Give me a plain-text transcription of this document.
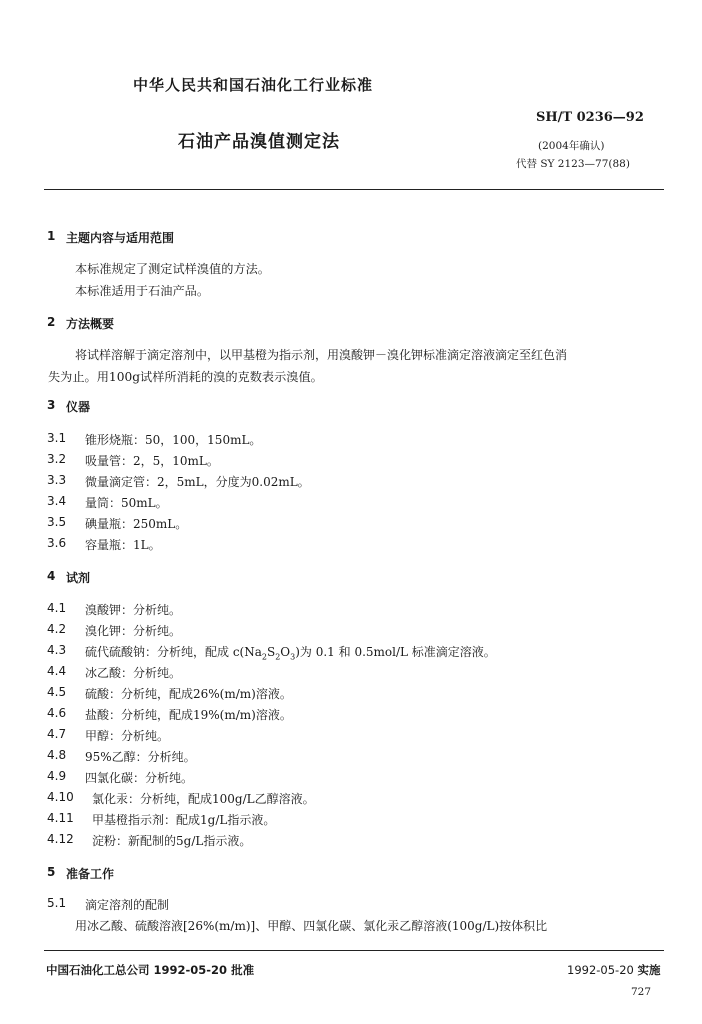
中华人民共和国石油化工行业标准
石油产品溴值测定法
SH/T 0236—92
(2004年确认)
代替 SY 2123—77(88)
1 主题内容与适用范围
本标准规定了测定试样溴值的方法。
本标准适用于石油产品。
2 方法概要
将试样溶解于滴定溶剂中，以甲基橙为指示剂，用溴酸钾－溴化钾标准滴定溶液滴定至红色消
失为止。用100g试样所消耗的溴的克数表示溴值。
3 仪器
3.1 锥形烧瓶：50，100，150mL。
3.2 吸量管：2，5，10mL。
3.3 微量滴定管：2，5mL，分度为0.02mL。
3.4 量筒：50mL。
3.5 碘量瓶：250mL。
3.6 容量瓶：1L。
4 试剂
4.1 溴酸钾：分析纯。
4.2 溴化钾：分析纯。
4.3 硫代硫酸钠：分析纯，配成 $c(Na_2S_2O_3)$为 0.1 和 0.5mol/L 标准滴定溶液。
4.4 冰乙酸：分析纯。
4.5 硫酸：分析纯，配成26%(m/m)溶液。
4.6 盐酸：分析纯，配成19%(m/m)溶液。
4.7 甲醇：分析纯。
4.8 95%乙醇：分析纯。
4.9 四氯化碳：分析纯。
4.10 氯化汞：分析纯，配成100g/L乙醇溶液。
4.11 甲基橙指示剂：配成1g/L指示液。
4.12 淀粉：新配制的5g/L指示液。
5 准备工作
5.1 滴定溶剂的配制
用冰乙酸、硫酸溶液[26%(m/m)]、甲醇、四氯化碳、氯化汞乙醇溶液(100g/L)按体积比
中国石油化工总公司 1992-05-20 批准	1992-05-20 实施
727
